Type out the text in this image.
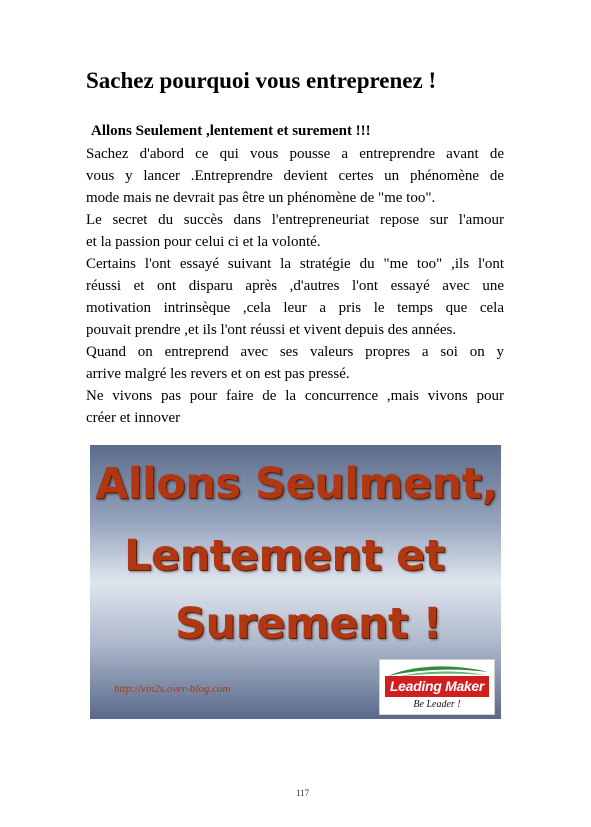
Sachez pourquoi vous entreprenez !
Allons Seulement ,lentement et surement !!!
Sachez d'abord ce qui vous pousse a entreprendre avant de
vous y lancer .Entreprendre devient certes un phénomène de
mode mais ne devrait pas être un phénomène de "me too".
Le secret du succès dans l'entrepreneuriat repose sur l'amour
et la passion pour celui ci et la volonté.
Certains l'ont essayé suivant la stratégie du "me too" ,ils l'ont
réussi et ont disparu après ,d'autres l'ont essayé avec une
motivation intrinsèque ,cela leur a pris le temps que cela
pouvait prendre ,et ils l'ont réussi et vivent depuis des années.
Quand on entreprend avec ses valeurs propres a soi on y
arrive malgré les revers et on est pas pressé.
Ne vivons pas pour faire de la concurrence ,mais vivons pour
créer et innover
Allons Seulment,
Lentement et
Surement !
http://vin2s.over-blog.com	Leading Maker
Be Leader !
117
